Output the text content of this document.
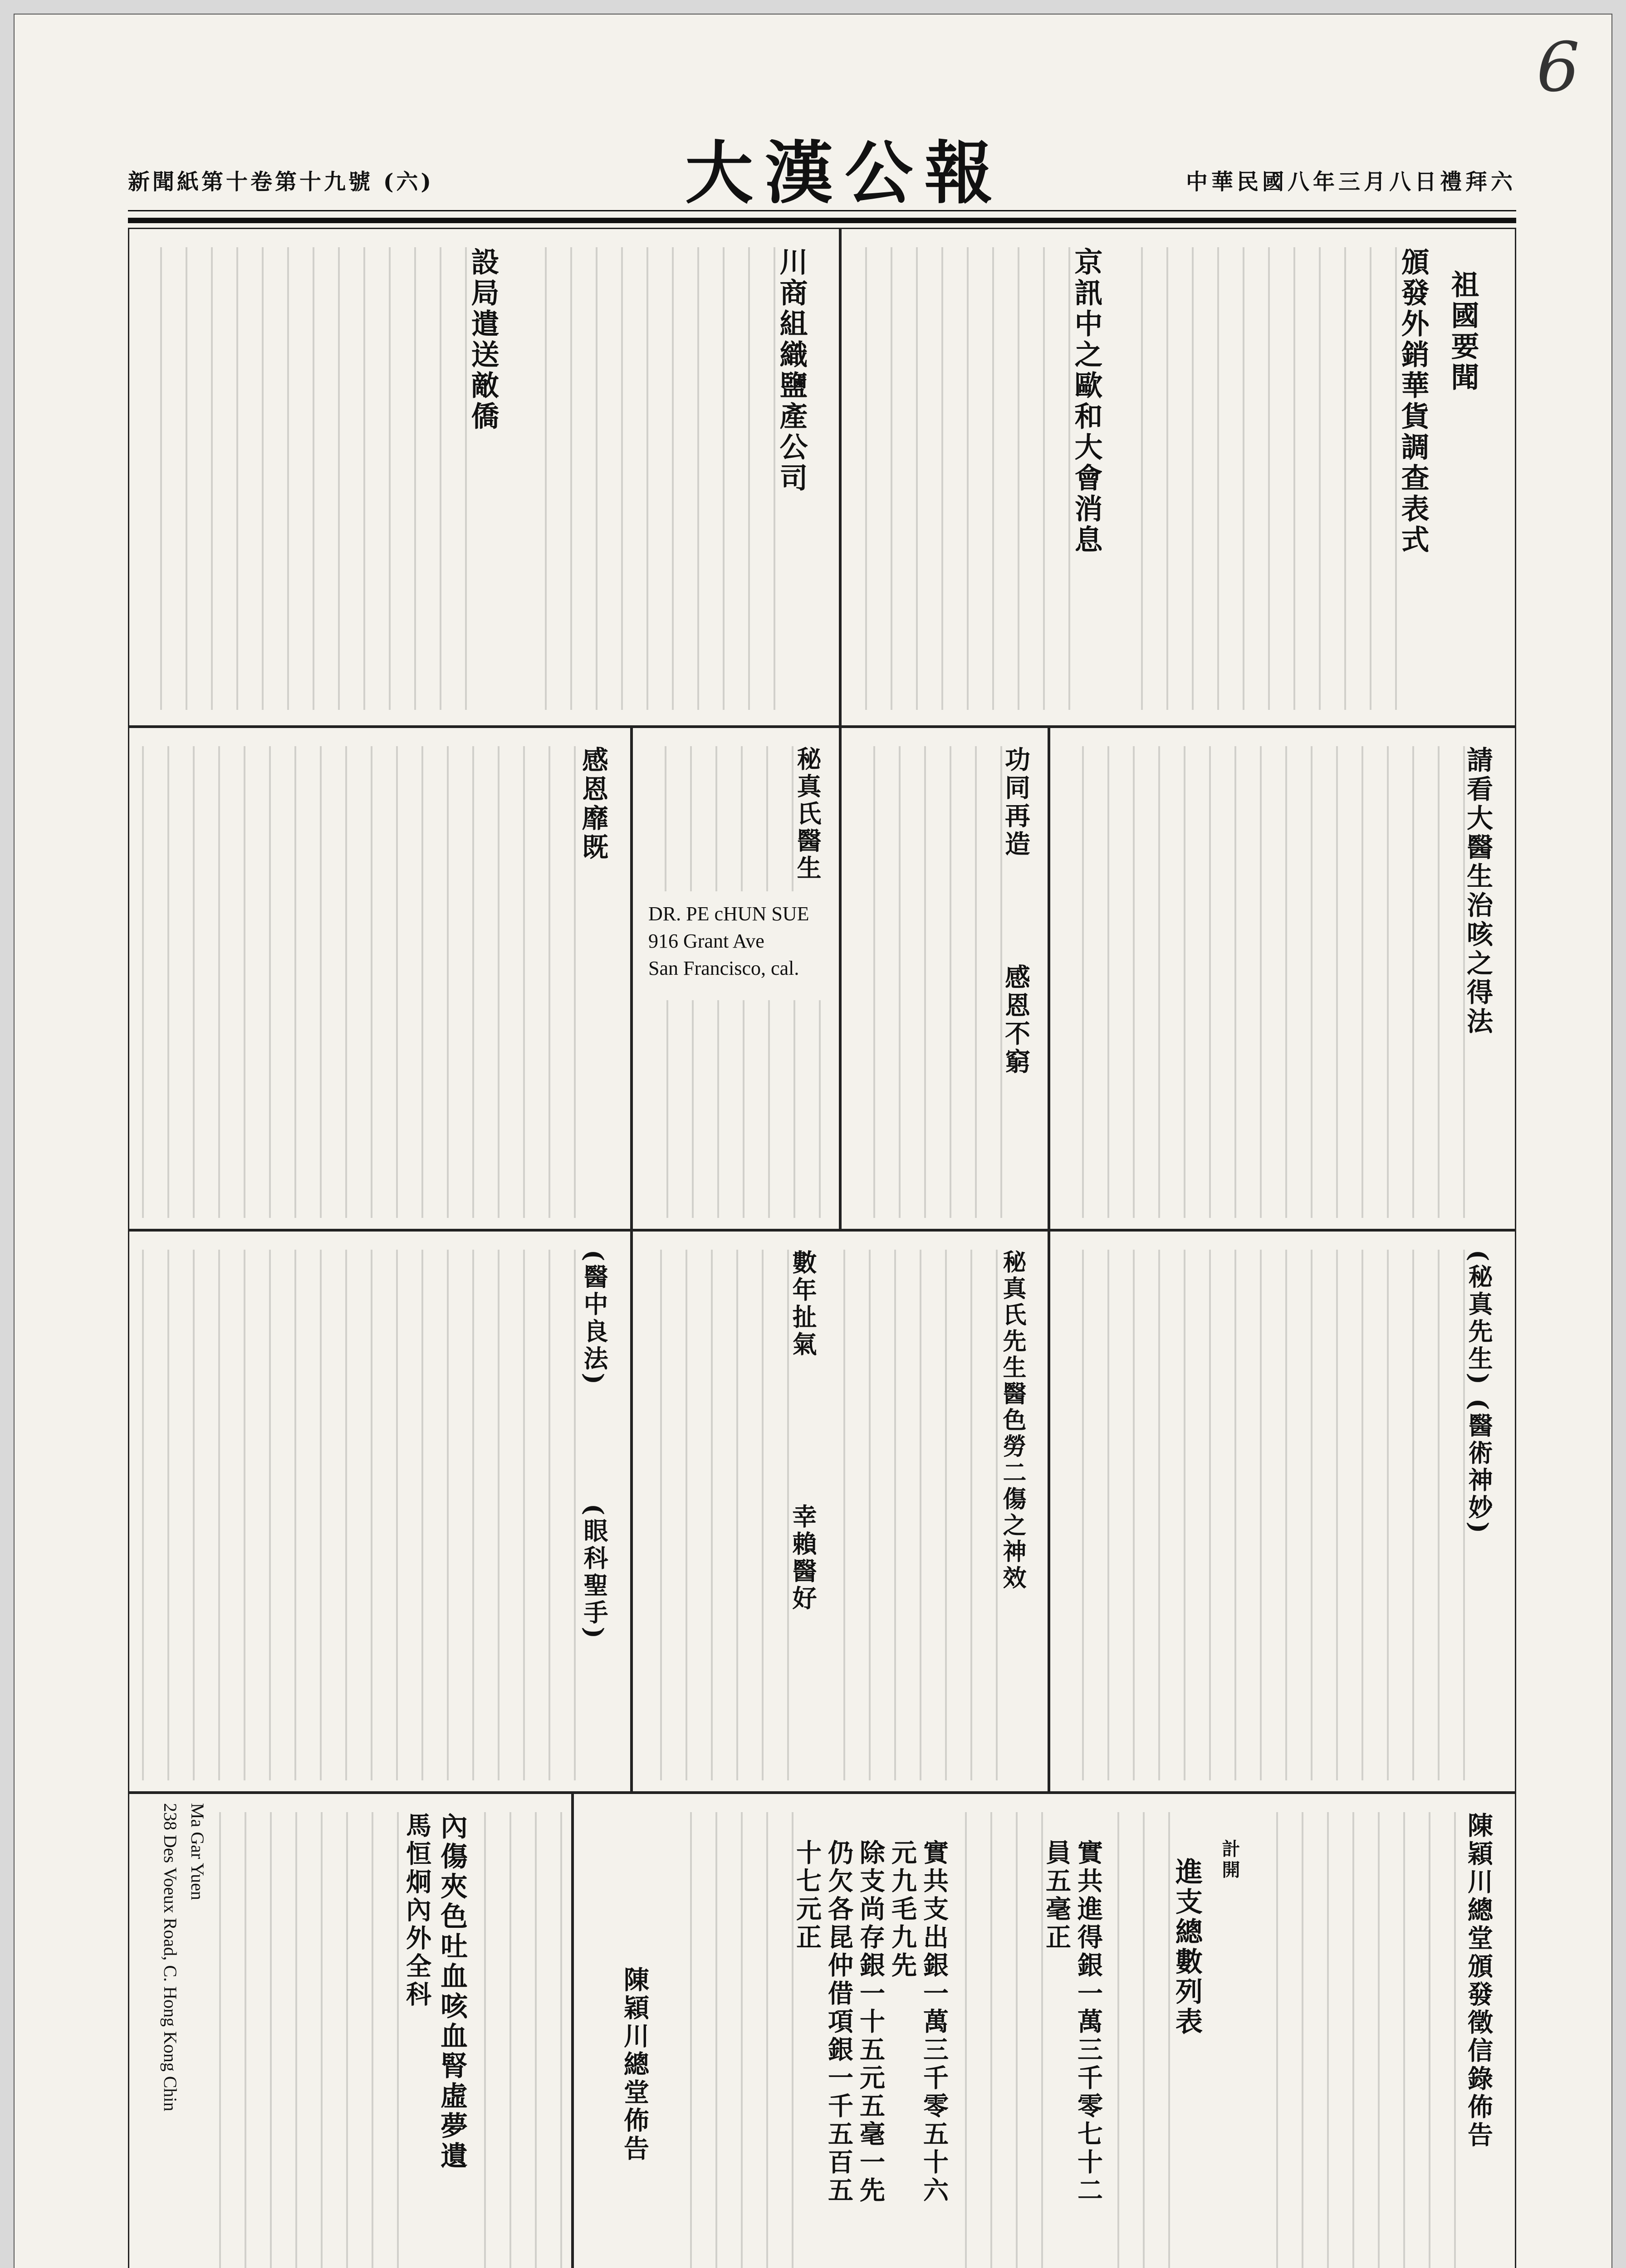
6
中華民國八年三月八日禮拜六
大漢公報
新聞紙第十卷第十九號 (六)
祖國要聞
頒發外銷華貨調查表式
京訊中之歐和大會消息
川商組織鹽產公司
設局遣送敵僑
請看大醫生治咳之得法
功同再造
感恩不窮
秘真氏醫生
DR. PE cHUN SUE
916 Grant Ave
San Francisco, cal.
感恩靡既
(秘真先生) (醫術神妙)
秘真氏先生醫色勞二傷之神效
數年扯氣
幸賴醫好
(醫中良法)
(眼科聖手)
陳穎川總堂頒發徵信錄佈告
計開
進支總數列表
實共進得銀一萬三千零七十二
員五毫正
實共支出銀一萬三千零五十六
元九毛九先
除支尚存銀一十五元五毫一先
仍欠各昆仲借項銀一千五百五
十七元正
陳穎川總堂佈告
內傷夾色吐血咳血腎虛夢遺
馬恒炯內外全科
Ma Gar Yuen
238 Des Voeux Road, C. Hong Kong Chin
